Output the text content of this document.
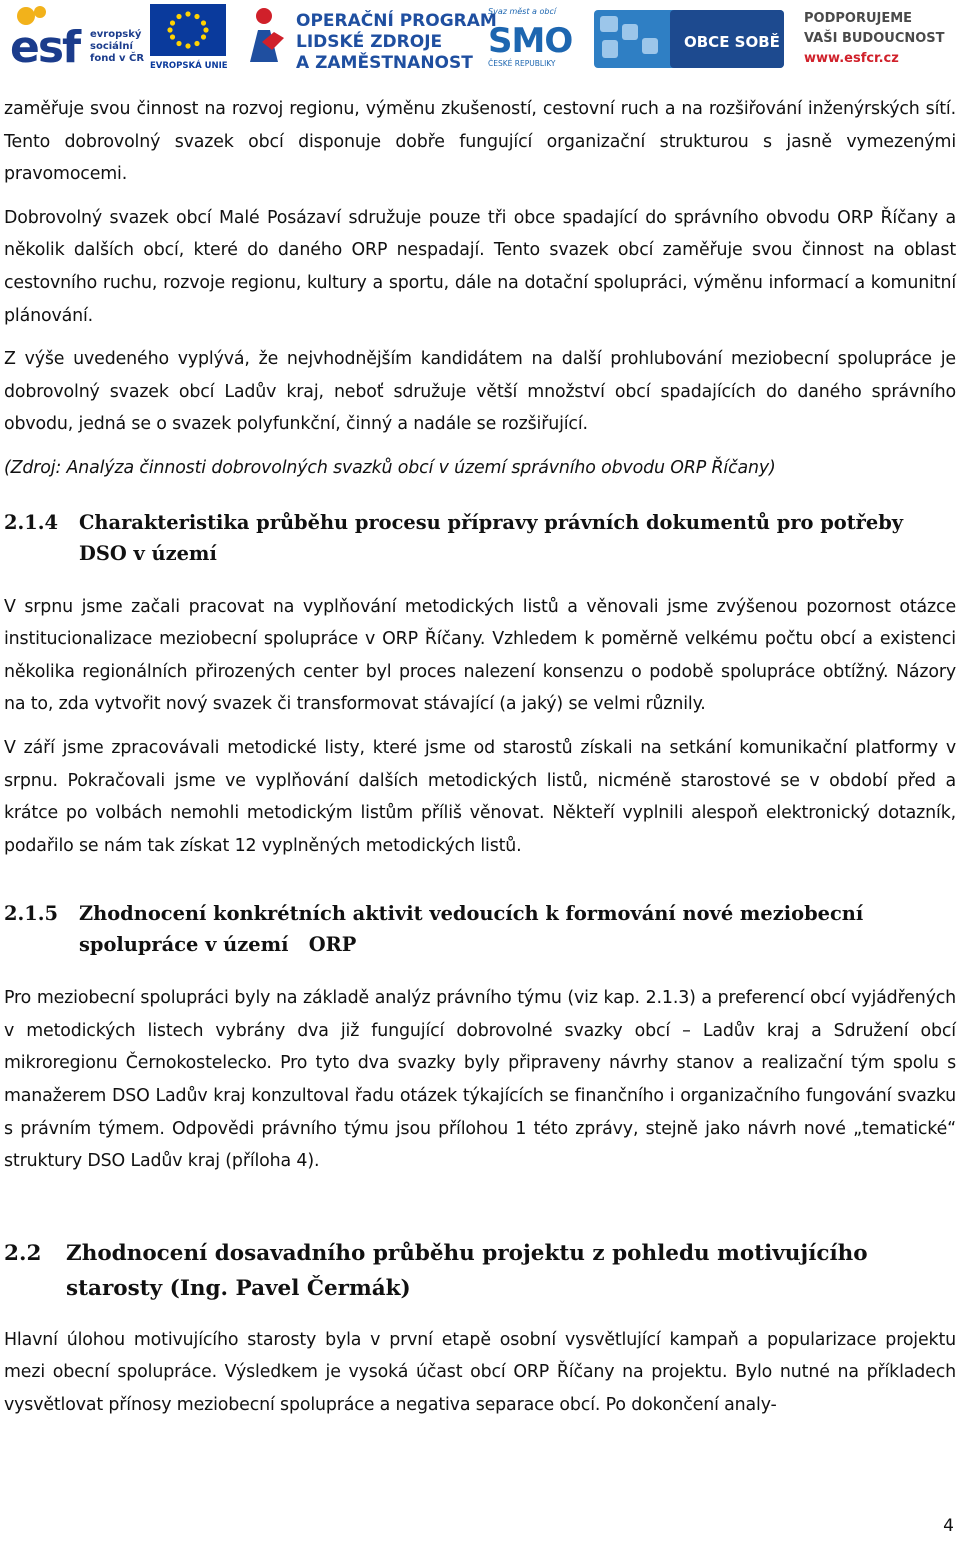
esf evropský
sociální
fond v ČR
EVROPSKÁ UNIE
OPERAČNÍ PROGRAM
LIDSKÉ ZDROJE
A ZAMĚSTNANOST
Svaz měst a obcí
SMO
ČESKÉ REPUBLIKY
OBCE SOBĚ
PODPORUJEME
VAŠI BUDOUCNOST
www.esfcr.cz

zaměřuje svou činnost na rozvoj regionu, výměnu zkušeností, cestovní ruch a na rozšiřování inženýrských sítí. Tento dobrovolný svazek obcí disponuje dobře fungující organizační strukturou s jasně vymezenými pravomocemi.

Dobrovolný svazek obcí Malé Posázaví sdružuje pouze tři obce spadající do správního obvodu ORP Říčany a několik dalších obcí, které do daného ORP nespadají. Tento svazek obcí zaměřuje svou činnost na oblast cestovního ruchu, rozvoje regionu, kultury a sportu, dále na dotační spolupráci, výměnu informací a komunitní plánování.

Z výše uvedeného vyplývá, že nejvhodnějším kandidátem na další prohlubování meziobecní spolupráce je dobrovolný svazek obcí Ladův kraj, neboť sdružuje větší množství obcí spadajících do daného správního obvodu, jedná se o svazek polyfunkční, činný a nadále se rozšiřující.

(Zdroj: Analýza činnosti dobrovolných svazků obcí v území správního obvodu ORP Říčany)

2.1.4	Charakteristika průběhu procesu přípravy právních dokumentů pro potřeby DSO v území

V srpnu jsme začali pracovat na vyplňování metodických listů a věnovali jsme zvýšenou pozornost otázce institucionalizace meziobecní spolupráce v ORP Říčany. Vzhledem k poměrně velkému počtu obcí a existenci několika regionálních přirozených center byl proces nalezení konsenzu o podobě spolupráce obtížný. Názory na to, zda vytvořit nový svazek či transformovat stávající (a jaký) se velmi různily.

V září jsme zpracovávali metodické listy, které jsme od starostů získali na setkání komunikační platformy v srpnu. Pokračovali jsme ve vyplňování dalších metodických listů, nicméně starostové se v období před a krátce po volbách nemohli metodickým listům příliš věnovat. Někteří vyplnili alespoň elektronický dotazník, podařilo se nám tak získat 12 vyplněných metodických listů.

2.1.5	Zhodnocení konkrétních aktivit vedoucích k formování nové meziobecní spolupráce v území   ORP

Pro meziobecní spolupráci byly na základě analýz právního týmu (viz kap. 2.1.3) a preferencí obcí vyjádřených v metodických listech vybrány dva již fungující dobrovolné svazky obcí – Ladův kraj a Sdružení obcí mikroregionu Černokostelecko. Pro tyto dva svazky byly připraveny návrhy stanov a realizační tým spolu s manažerem DSO Ladův kraj konzultoval řadu otázek týkajících se finančního i organizačního fungování svazku s právním týmem. Odpovědi právního týmu jsou přílohou 1 této zprávy, stejně jako návrh nové „tematické“ struktury DSO Ladův kraj (příloha 4).

2.2	Zhodnocení dosavadního průběhu projektu z pohledu motivujícího starosty (Ing. Pavel Čermák)

Hlavní úlohou motivujícího starosty byla v první etapě osobní vysvětlující kampaň a popularizace projektu mezi obecní spolupráce. Výsledkem je vysoká účast obcí ORP Říčany na projektu. Bylo nutné na příkladech vysvětlovat přínosy meziobecní spolupráce a negativa separace obcí. Po dokončení analy-

4
